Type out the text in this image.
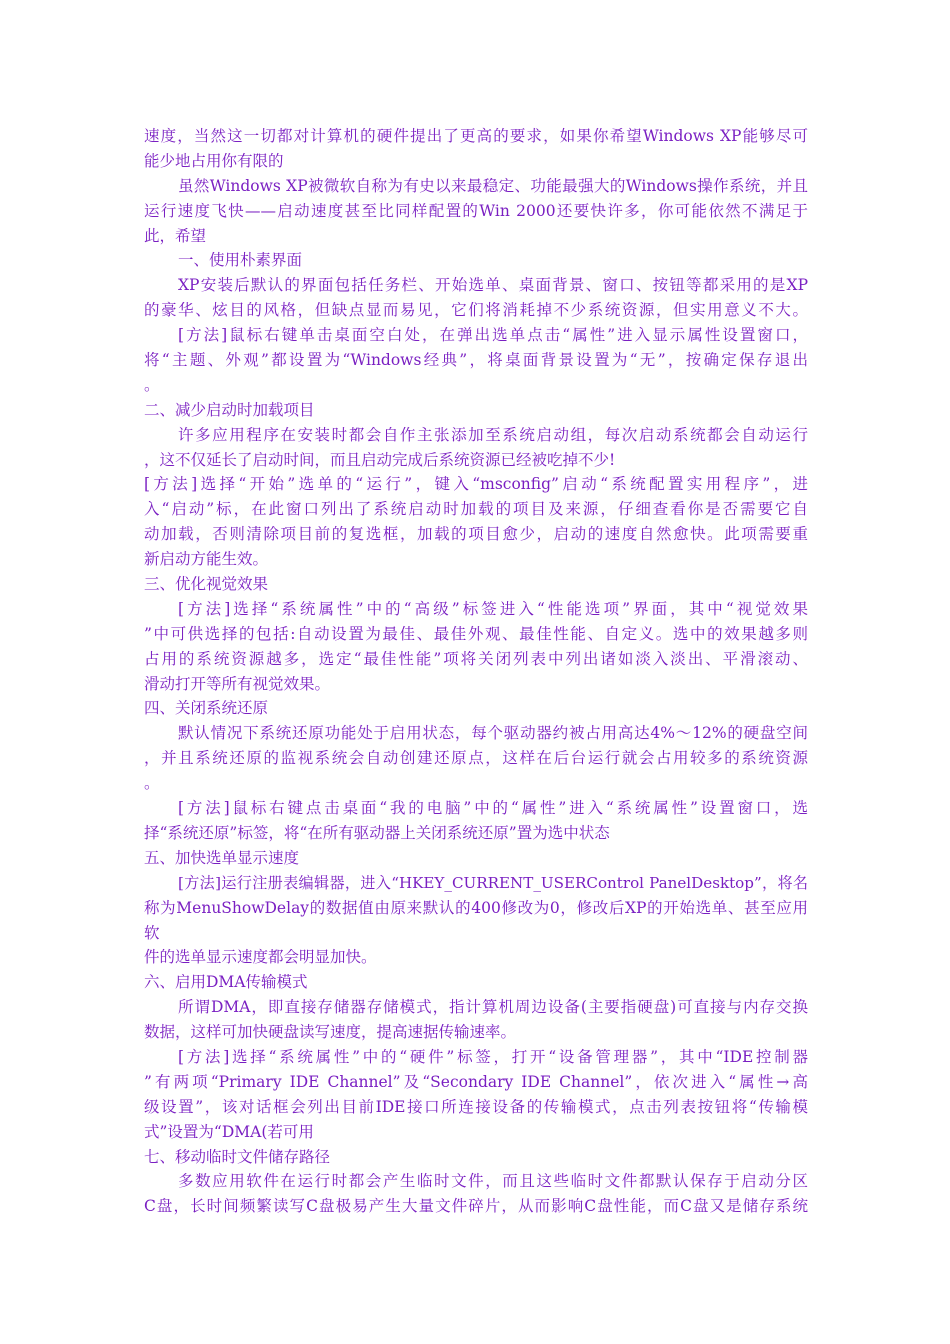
速度，当然这一切都对计算机的硬件提出了更高的要求，如果你希望Windows XP能够尽可
能少地占用你有限的
虽然Windows XP被微软自称为有史以来最稳定、功能最强大的Windows操作系统，并且
运行速度飞快——启动速度甚至比同样配置的Win 2000还要快许多，你可能依然不满足于
此，希望
一、使用朴素界面
XP安装后默认的界面包括任务栏、开始选单、桌面背景、窗口、按钮等都采用的是XP
的豪华、炫目的风格，但缺点显而易见，它们将消耗掉不少系统资源，但实用意义不大。
[方法]鼠标右键单击桌面空白处，在弹出选单点击“属性”进入显示属性设置窗口，
将“主题、外观”都设置为“Windows经典”，将桌面背景设置为“无”，按确定保存退出
。
二、减少启动时加载项目
许多应用程序在安装时都会自作主张添加至系统启动组，每次启动系统都会自动运行
，这不仅延长了启动时间，而且启动完成后系统资源已经被吃掉不少!
[方法]选择“开始”选单的“运行”，键入“msconfig”启动“系统配置实用程序”，进
入“启动”标，在此窗口列出了系统启动时加载的项目及来源，仔细查看你是否需要它自
动加载，否则清除项目前的复选框，加载的项目愈少，启动的速度自然愈快。此项需要重
新启动方能生效。
三、优化视觉效果
[方法]选择“系统属性”中的“高级”标签进入“性能选项”界面，其中“视觉效果
”中可供选择的包括:自动设置为最佳、最佳外观、最佳性能、自定义。选中的效果越多则
占用的系统资源越多，选定“最佳性能”项将关闭列表中列出诸如淡入淡出、平滑滚动、
滑动打开等所有视觉效果。
四、关闭系统还原
默认情况下系统还原功能处于启用状态，每个驱动器约被占用高达4%～12%的硬盘空间
，并且系统还原的监视系统会自动创建还原点，这样在后台运行就会占用较多的系统资源
。
[方法]鼠标右键点击桌面“我的电脑”中的“属性”进入“系统属性”设置窗口，选
择“系统还原”标签，将“在所有驱动器上关闭系统还原”置为选中状态
五、加快选单显示速度
[方法]运行注册表编辑器，进入“HKEY_CURRENT_USERControl PanelDesktop”，将名
称为MenuShowDelay的数据值由原来默认的400修改为0，修改后XP的开始选单、甚至应用
软
件的选单显示速度都会明显加快。
六、启用DMA传输模式
所谓DMA，即直接存储器存储模式，指计算机周边设备(主要指硬盘)可直接与内存交换
数据，这样可加快硬盘读写速度，提高速据传输速率。
[方法]选择“系统属性”中的“硬件”标签，打开“设备管理器”，其中“IDE控制器
”有两项“Primary IDE Channel”及“Secondary IDE Channel”，依次进入“属性→高
级设置”，该对话框会列出目前IDE接口所连接设备的传输模式，点击列表按钮将“传输模
式”设置为“DMA(若可用
七、移动临时文件储存路径
多数应用软件在运行时都会产生临时文件，而且这些临时文件都默认保存于启动分区
C盘，长时间频繁读写C盘极易产生大量文件碎片，从而影响C盘性能，而C盘又是储存系统
